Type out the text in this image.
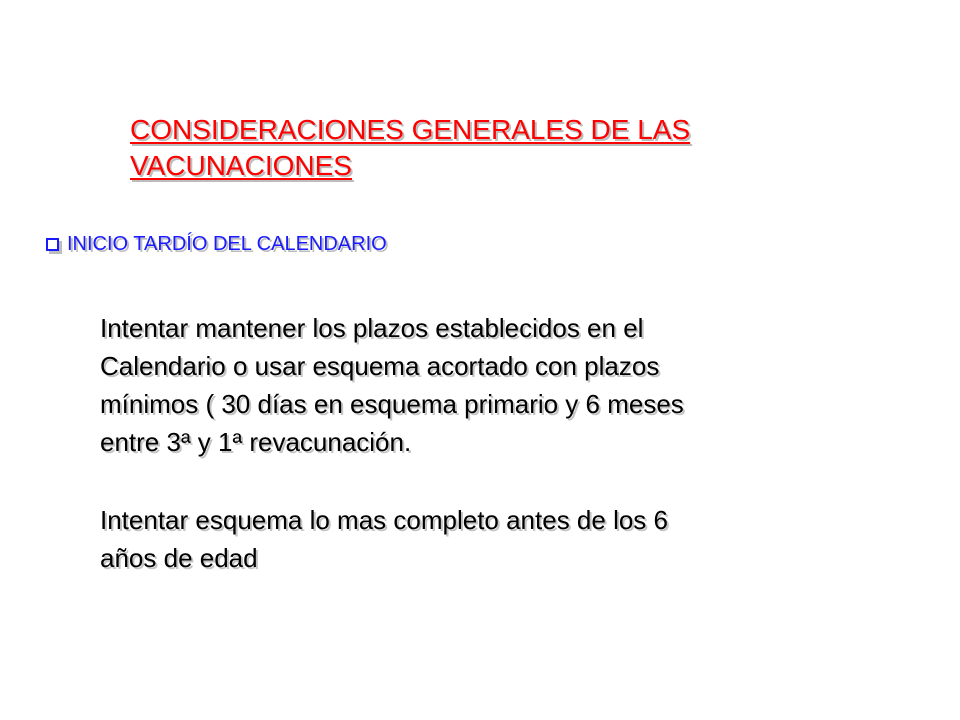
CONSIDERACIONES GENERALES DE LAS
VACUNACIONES
INICIO TARDÍO DEL CALENDARIO

Intentar mantener los plazos establecidos en el
Calendario o usar esquema acortado con plazos
mínimos ( 30 días en esquema primario y 6 meses
entre 3ª y 1ª revacunación.

Intentar esquema lo mas completo antes de los 6
años de edad
